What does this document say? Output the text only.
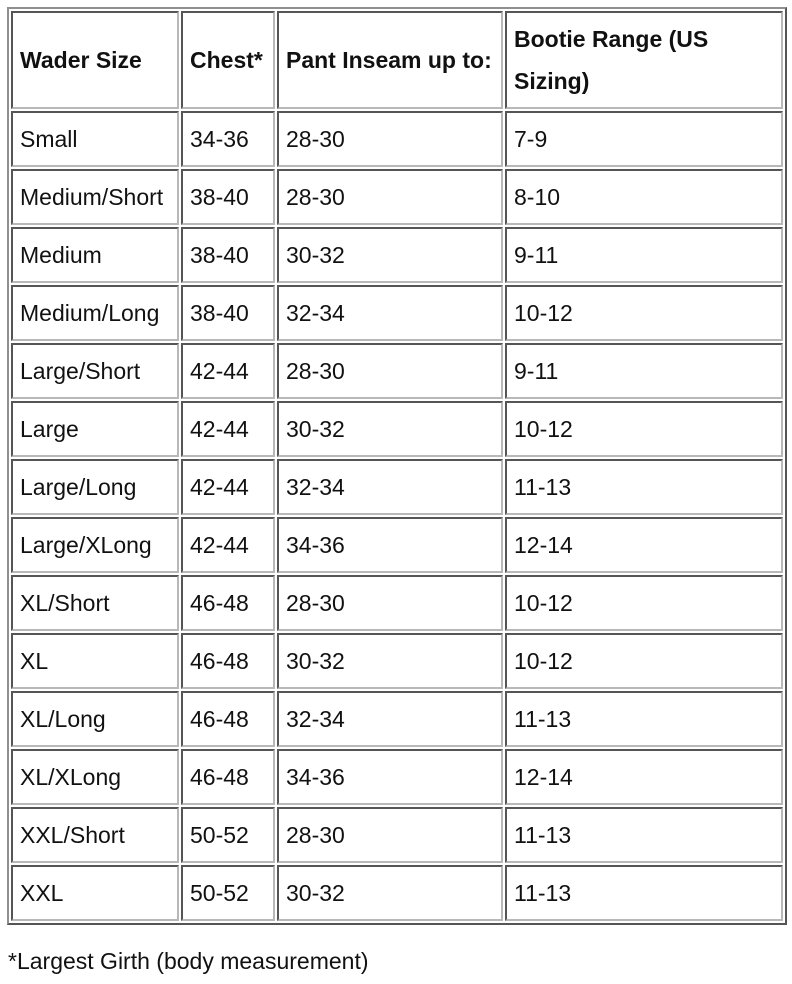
Wader Size	Chest*	Pant Inseam up to:	Bootie Range (US Sizing)
Small	34-36	28-30	7-9
Medium/Short	38-40	28-30	8-10
Medium	38-40	30-32	9-11
Medium/Long	38-40	32-34	10-12
Large/Short	42-44	28-30	9-11
Large	42-44	30-32	10-12
Large/Long	42-44	32-34	11-13
Large/XLong	42-44	34-36	12-14
XL/Short	46-48	28-30	10-12
XL	46-48	30-32	10-12
XL/Long	46-48	32-34	11-13
XL/XLong	46-48	34-36	12-14
XXL/Short	50-52	28-30	11-13
XXL	50-52	30-32	11-13
*Largest Girth (body measurement)
